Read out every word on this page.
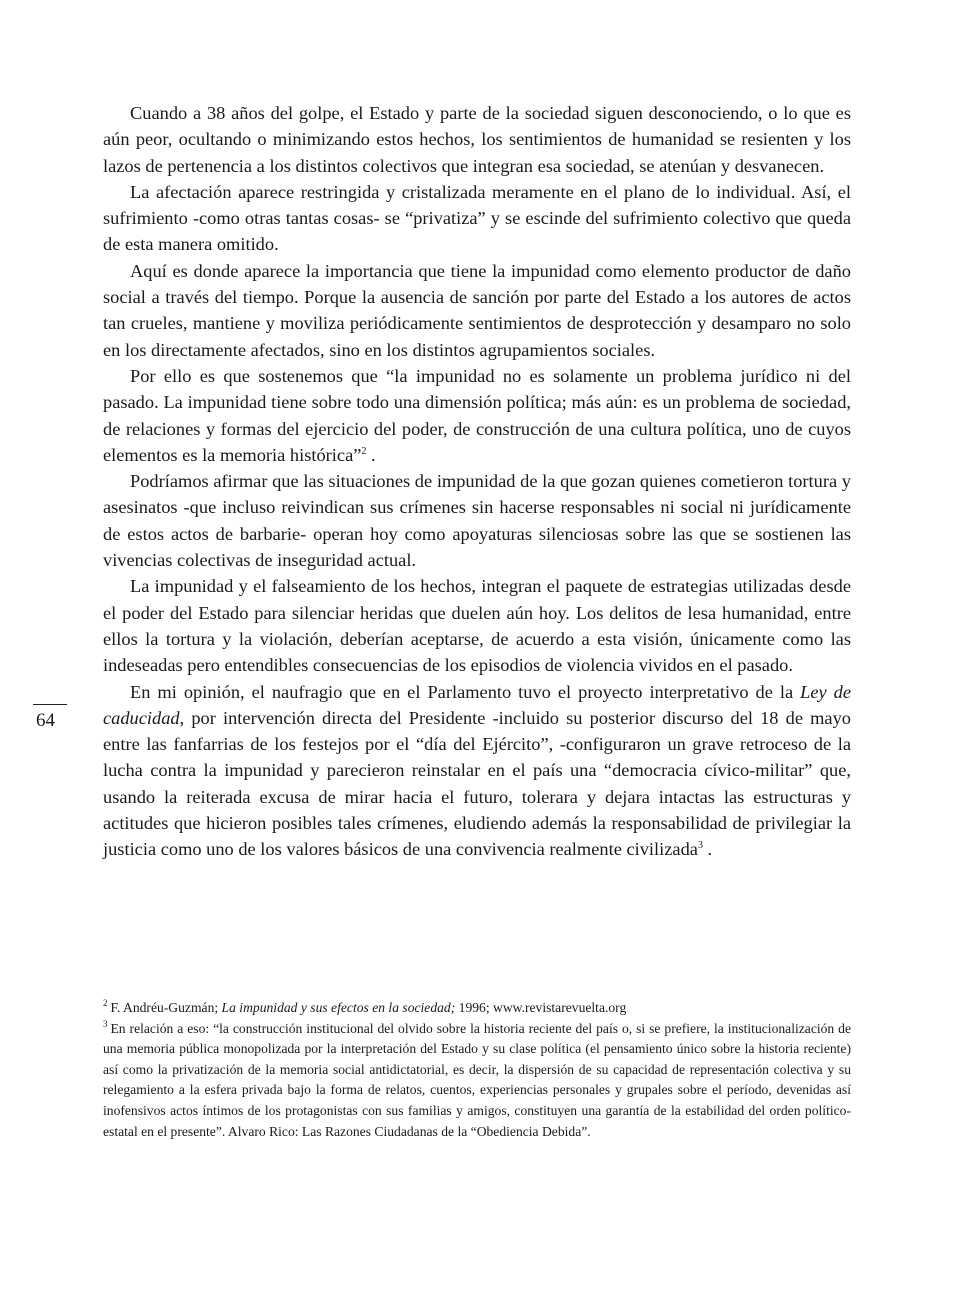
Cuando a 38 años del golpe, el Estado y parte de la sociedad siguen desconociendo, o lo que es aún peor, ocultando o minimizando estos hechos, los sentimientos de humanidad se resienten y los lazos de pertenencia a los distintos colectivos que integran esa sociedad, se atenúan y desvanecen.

La afectación aparece restringida y cristalizada meramente en el plano de lo individual. Así, el sufrimiento -como otras tantas cosas- se “privatiza” y se escinde del sufrimiento colectivo que queda de esta manera omitido.

Aquí es donde aparece la importancia que tiene la impunidad como elemento productor de daño social a través del tiempo. Porque la ausencia de sanción por parte del Estado a los autores de actos tan crueles, mantiene y moviliza periódicamente sentimientos de desprotección y desamparo no solo en los directamente afectados, sino en los distintos agrupamientos sociales.

Por ello es que sostenemos que “la impunidad no es solamente un problema jurídico ni del pasado. La impunidad tiene sobre todo una dimensión política; más aún: es un problema de sociedad, de relaciones y formas del ejercicio del poder, de construcción de una cultura política, uno de cuyos elementos es la memoria histórica”$^2$ .

Podríamos afirmar que las situaciones de impunidad de la que gozan quienes cometieron tortura y asesinatos -que incluso reivindican sus crímenes sin hacerse responsables ni social ni jurídicamente de estos actos de barbarie- operan hoy como apoyaturas silenciosas sobre las que se sostienen las vivencias colectivas de inseguridad actual.

La impunidad y el falseamiento de los hechos, integran el paquete de estrategias utilizadas desde el poder del Estado para silenciar heridas que duelen aún hoy. Los delitos de lesa humanidad, entre ellos la tortura y la violación, deberían aceptarse, de acuerdo a esta visión, únicamente como las indeseadas pero entendibles consecuencias de los episodios de violencia vividos en el pasado.

En mi opinión, el naufragio que en el Parlamento tuvo el proyecto interpretativo de la Ley de caducidad, por intervención directa del Presidente -incluido su posterior discurso del 18 de mayo entre las fanfarrias de los festejos por el “día del Ejército”, -configuraron un grave retroceso de la lucha contra la impunidad y parecieron reinstalar en el país una “democracia cívico-militar” que, usando la reiterada excusa de mirar hacia el futuro, tolerara y dejara intactas las estructuras y actitudes que hicieron posibles tales crímenes, eludiendo además la responsabilidad de privilegiar la justicia como uno de los valores básicos de una convivencia realmente civilizada$^3$ .

64

$^2$ F. Andréu-Guzmán; La impunidad y sus efectos en la sociedad; 1996; www.revistarevuelta.org

$^3$ En relación a eso: “la construcción institucional del olvido sobre la historia reciente del país o, si se prefiere, la institucionalización de una memoria pública monopolizada por la interpretación del Estado y su clase política (el pensamiento único sobre la historia reciente) así como la privatización de la memoria social antidictatorial, es decir, la dispersión de su capacidad de representación colectiva y su relegamiento a la esfera privada bajo la forma de relatos, cuentos, experiencias personales y grupales sobre el período, devenidas así inofensivos actos íntimos de los protagonistas con sus familias y amigos, constituyen una garantía de la estabilidad del orden político-estatal en el presente”. Alvaro Rico: Las Razones Ciudadanas de la “Obediencia Debida”.
